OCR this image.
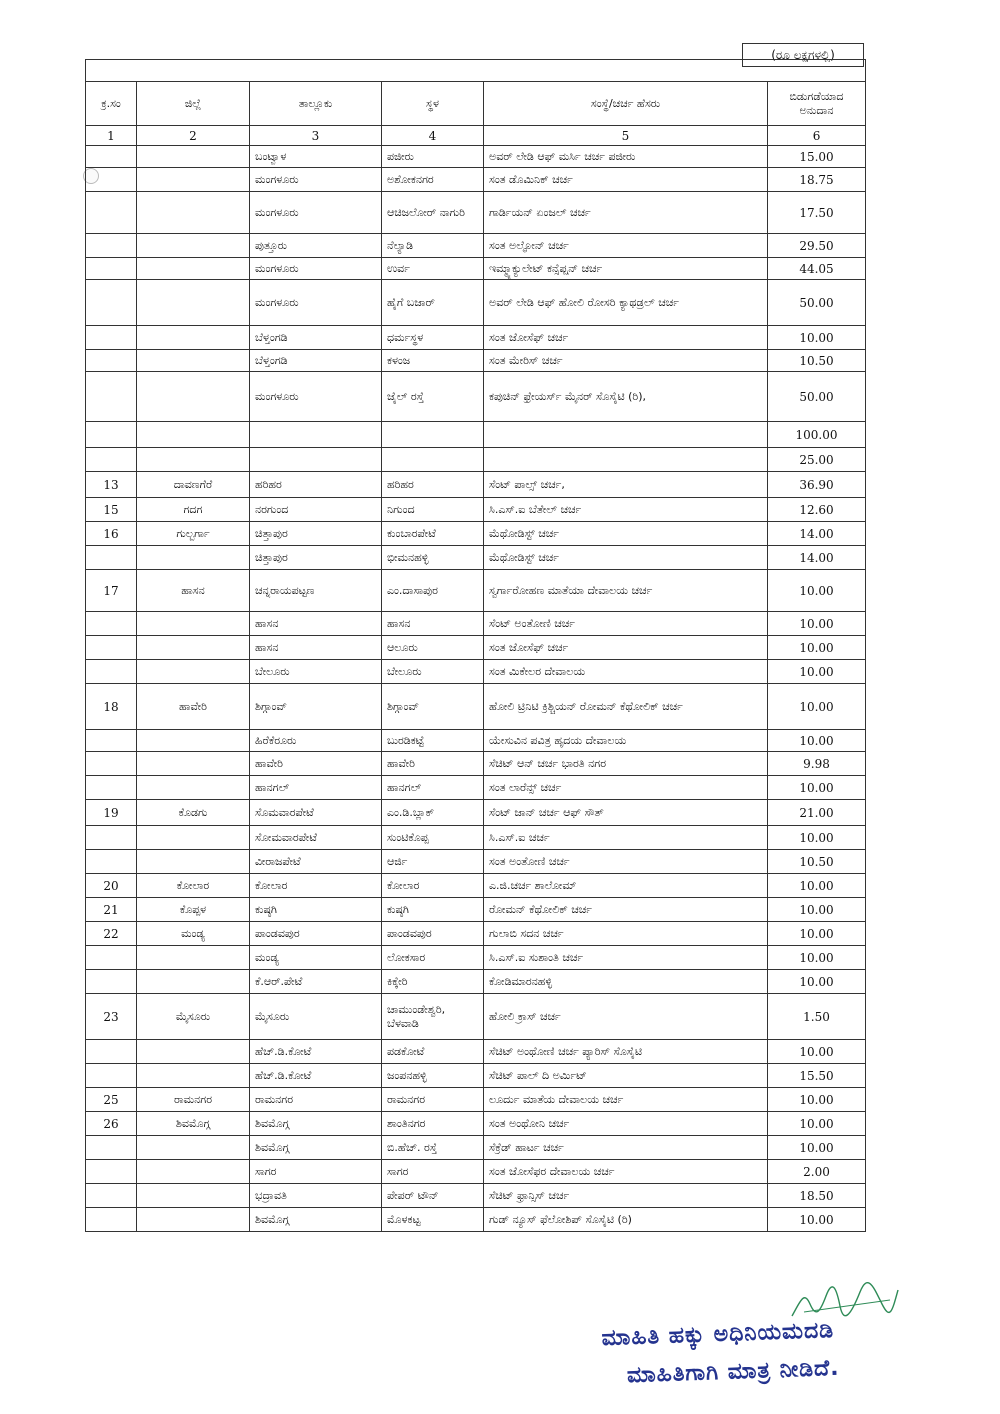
(ರೂ ಲಕ್ಷಗಳಲ್ಲಿ)

ಕ್ರ.ಸಂ	ಜಿಲ್ಲೆ	ತಾಲ್ಲೂಕು	ಸ್ಥಳ	ಸಂಸ್ಥೆ/ಚರ್ಚ ಹೆಸರು	ಬಿಡುಗಡೆಯಾದ ಅನುದಾನ
1	2	3	4	5	6
		ಬಂಟ್ವಾಳ	ಪಜೀರು	ಅವರ್ ಲೇಡಿ ಆಫ್ ಮರ್ಸಿ ಚರ್ಚ ಪಜೀರು	15.00
		ಮಂಗಳೂರು	ಅಶೋಕನಗರ	ಸಂತ ಡೊಮಿನಿಕ್ ಚರ್ಚ	18.75
		ಮಂಗಳೂರು	ಆಚಿಜಲೋರ್ ನಾಗುರಿ	ಗಾರ್ಡಿಯನ್ ಏಂಜಲ್ ಚರ್ಚ	17.50
		ಪುತ್ತೂರು	ನೆಲ್ಯಾಡಿ	ಸಂತ ಅಲ್ಫೋನ್ ಚರ್ಚ	29.50
		ಮಂಗಳೂರು	ಉರ್ವ	ಇಮ್ಮ್ಯಾಕ್ಯುಲೇಟ್ ಕನ್ಸೆಪ್ಷನ್ ಚರ್ಚ	44.05
		ಮಂಗಳೂರು	ಹೈಗೆ ಬಜಾರ್	ಅವರ್ ಲೇಡಿ ಆಫ್ ಹೋಲಿ ರೋಸರಿ ಕ್ಯಾಥಡ್ರಲ್ ಚರ್ಚ	50.00
		ಬೆಳ್ತಂಗಡಿ	ಧರ್ಮಸ್ಥಳ	ಸಂತ ಜೋಸೆಫ್ ಚರ್ಚ	10.00
		ಬೆಳ್ತಂಗಡಿ	ಕಳಂಜ	ಸಂತ ಮೇರಿಸ್ ಚರ್ಚ	10.50
		ಮಂಗಳೂರು	ಜೈಲ್ ರಸ್ತೆ	ಕಪುಚಿನ್ ಫ್ರೇಯರ್ಸ್ ಮೈನರ್ ಸೊಸೈಟಿ (ರಿ),	50.00
					100.00
					25.00
13	ದಾವಣಗೆರೆ	ಹರಿಹರ	ಹರಿಹರ	ಸೆಂಟ್ ಪಾಲ್ಸ್ ಚರ್ಚ,	36.90
15	ಗದಗ	ನರಗುಂದ	ನಿಗುಂದ	ಸಿ.ಎಸ್.ಐ ಬೆತೇಲ್ ಚರ್ಚ	12.60
16	ಗುಲ್ಬರ್ಗಾ	ಚಿತ್ತಾಪುರ	ಕುಂಬಾರಪೇಟೆ	ಮೆಥೋಡಿಸ್ಟ್ ಚರ್ಚ	14.00
		ಚಿತ್ತಾಪುರ	ಭೀಮನಹಳ್ಳಿ	ಮೆಥೋಡಿಸ್ಟ್ ಚರ್ಚ	14.00
17	ಹಾಸನ	ಚನ್ನರಾಯಪಟ್ಟಣ	ಎಂ.ದಾಸಾಪುರ	ಸ್ವರ್ಗಾರೋಹಣ ಮಾತೆಯಾ ದೇವಾಲಯ ಚರ್ಚ	10.00
		ಹಾಸನ	ಹಾಸನ	ಸೆಂಟ್ ಅಂತೋಣಿ ಚರ್ಚ	10.00
		ಹಾಸನ	ಆಲೂರು	ಸಂತ ಜೋಸೆಫ್ ಚರ್ಚ	10.00
		ಬೇಲೂರು	ಬೇಲೂರು	ಸಂತ ಮಿಕೇಲರ ದೇವಾಲಯ	10.00
18	ಹಾವೇರಿ	ಶಿಗ್ಗಾಂವ್	ಶಿಗ್ಗಾಂವ್	ಹೋಲಿ ಟ್ರಿನಿಟಿ ಕ್ರಿಶ್ಚಿಯನ್ ರೋಮನ್ ಕೆಥೋಲಿಕ್ ಚರ್ಚ	10.00
		ಹಿರೆಕೆರೂರು	ಬುರಡಿಕಟ್ಟೆ	ಯೇಸುವಿನ ಪವಿತ್ರ ಹೃದಯ ದೇವಾಲಯ	10.00
		ಹಾವೇರಿ	ಹಾವೇರಿ	ಸೆಚಿಟ್ ಆನ್ ಚರ್ಚ ಭಾರತಿ ನಗರ	9.98
		ಹಾನಗಲ್	ಹಾನಗಲ್	ಸಂತ ಲಾರೆನ್ಸ್ ಚರ್ಚ	10.00
19	ಕೊಡಗು	ಸೊಮವಾರಪೇಟೆ	ಎಂ.ಡಿ.ಬ್ಲಾಕ್	ಸೆಂಟ್ ಜಾನ್ ಚರ್ಚ ಆಫ್ ಸೌತ್	21.00
		ಸೋಮವಾರಪೇಟೆ	ಸುಂಟಿಕೊಪ್ಪ	ಸಿ.ಎಸ್.ಐ ಚರ್ಚ	10.00
		ವೀರಾಜಪೇಟೆ	ಆರ್ಜಿ	ಸಂತ ಅಂತೋಣಿ ಚರ್ಚ	10.50
20	ಕೋಲಾರ	ಕೋಲಾರ	ಕೋಲಾರ	ಎ.ಜಿ.ಚರ್ಚ ಶಾಲೋಮ್	10.00
21	ಕೊಪ್ಪಳ	ಕುಷ್ಠಗಿ	ಕುಷ್ಠಗಿ	ರೋಮನ್ ಕೆಥೋಲಿಕ್ ಚರ್ಚ	10.00
22	ಮಂಡ್ಯ	ಪಾಂಡವಪುರ	ಪಾಂಡವಪುರ	ಗುಲಾಬಿ ಸದನ ಚರ್ಚ	10.00
		ಮಂಡ್ಯ	ಲೋಕಸಾರ	ಸಿ.ಎಸ್.ಐ ಸುಶಾಂತಿ ಚರ್ಚ	10.00
		ಕೆ.ಆರ್.ಪೇಟೆ	ಕಿಕ್ಕೇರಿ	ಕೋಡಿಮಾರನಹಳ್ಳಿ	10.00
23	ಮೈಸೂರು	ಮೈಸೂರು	ಚಾಮುಂಡೇಶ್ವರಿ, ಬೆಳವಾಡಿ	ಹೋಲಿ ಕ್ರಾಸ್ ಚರ್ಚ	1.50
		ಹೆಚ್.ಡಿ.ಕೋಟೆ	ಪಡಕೋಟೆ	ಸೆಚಿಟ್ ಅಂಥೋಣಿ ಚರ್ಚ ಪ್ಯಾರಿಸ್ ಸೊಸೈಟಿ	10.00
		ಹೆಚ್.ಡಿ.ಕೋಟೆ	ಜಂಪನಹಳ್ಳಿ	ಸೆಚಿಟ್ ಪಾಲ್ ದಿ ಅರ್ಮಿಟ್	15.50
25	ರಾಮನಗರ	ರಾಮನಗರ	ರಾಮನಗರ	ಲೂರ್ದು ಮಾತೆಯ ದೇವಾಲಯ ಚರ್ಚ	10.00
26	ಶಿವಮೊಗ್ಗ	ಶಿವಮೊಗ್ಗ	ಶಾಂತಿನಗರ	ಸಂತ ಅಂಥೋನಿ ಚರ್ಚ	10.00
		ಶಿವಮೊಗ್ಗ	ಬಿ.ಹೆಚ್. ರಸ್ತೆ	ಸೆಕ್ರೆಡ್ ಹಾರ್ಟ ಚರ್ಚ	10.00
		ಸಾಗರ	ಸಾಗರ	ಸಂತ ಜೋಸೆಫರ ದೇವಾಲಯ ಚರ್ಚ	2.00
		ಭದ್ರಾವತಿ	ಪೇಪರ್ ಟೌನ್	ಸೆಚಿಟ್ ಫ್ರಾನ್ಸಿಸ್ ಚರ್ಚ	18.50
		ಶಿವಮೊಗ್ಗ	ಮೊಳಕಟ್ಟ	ಗುಡ್ ನ್ಯೂಸ್ ಫೆಲೋಶಿಪ್ ಸೊಸೈಟಿ (ರಿ)	10.00
ಮಾಹಿತಿ ಹಕ್ಕು ಅಧಿನಿಯಮದಡಿ
ಮಾಹಿತಿಗಾಗಿ ಮಾತ್ರ ನೀಡಿದೆ.
